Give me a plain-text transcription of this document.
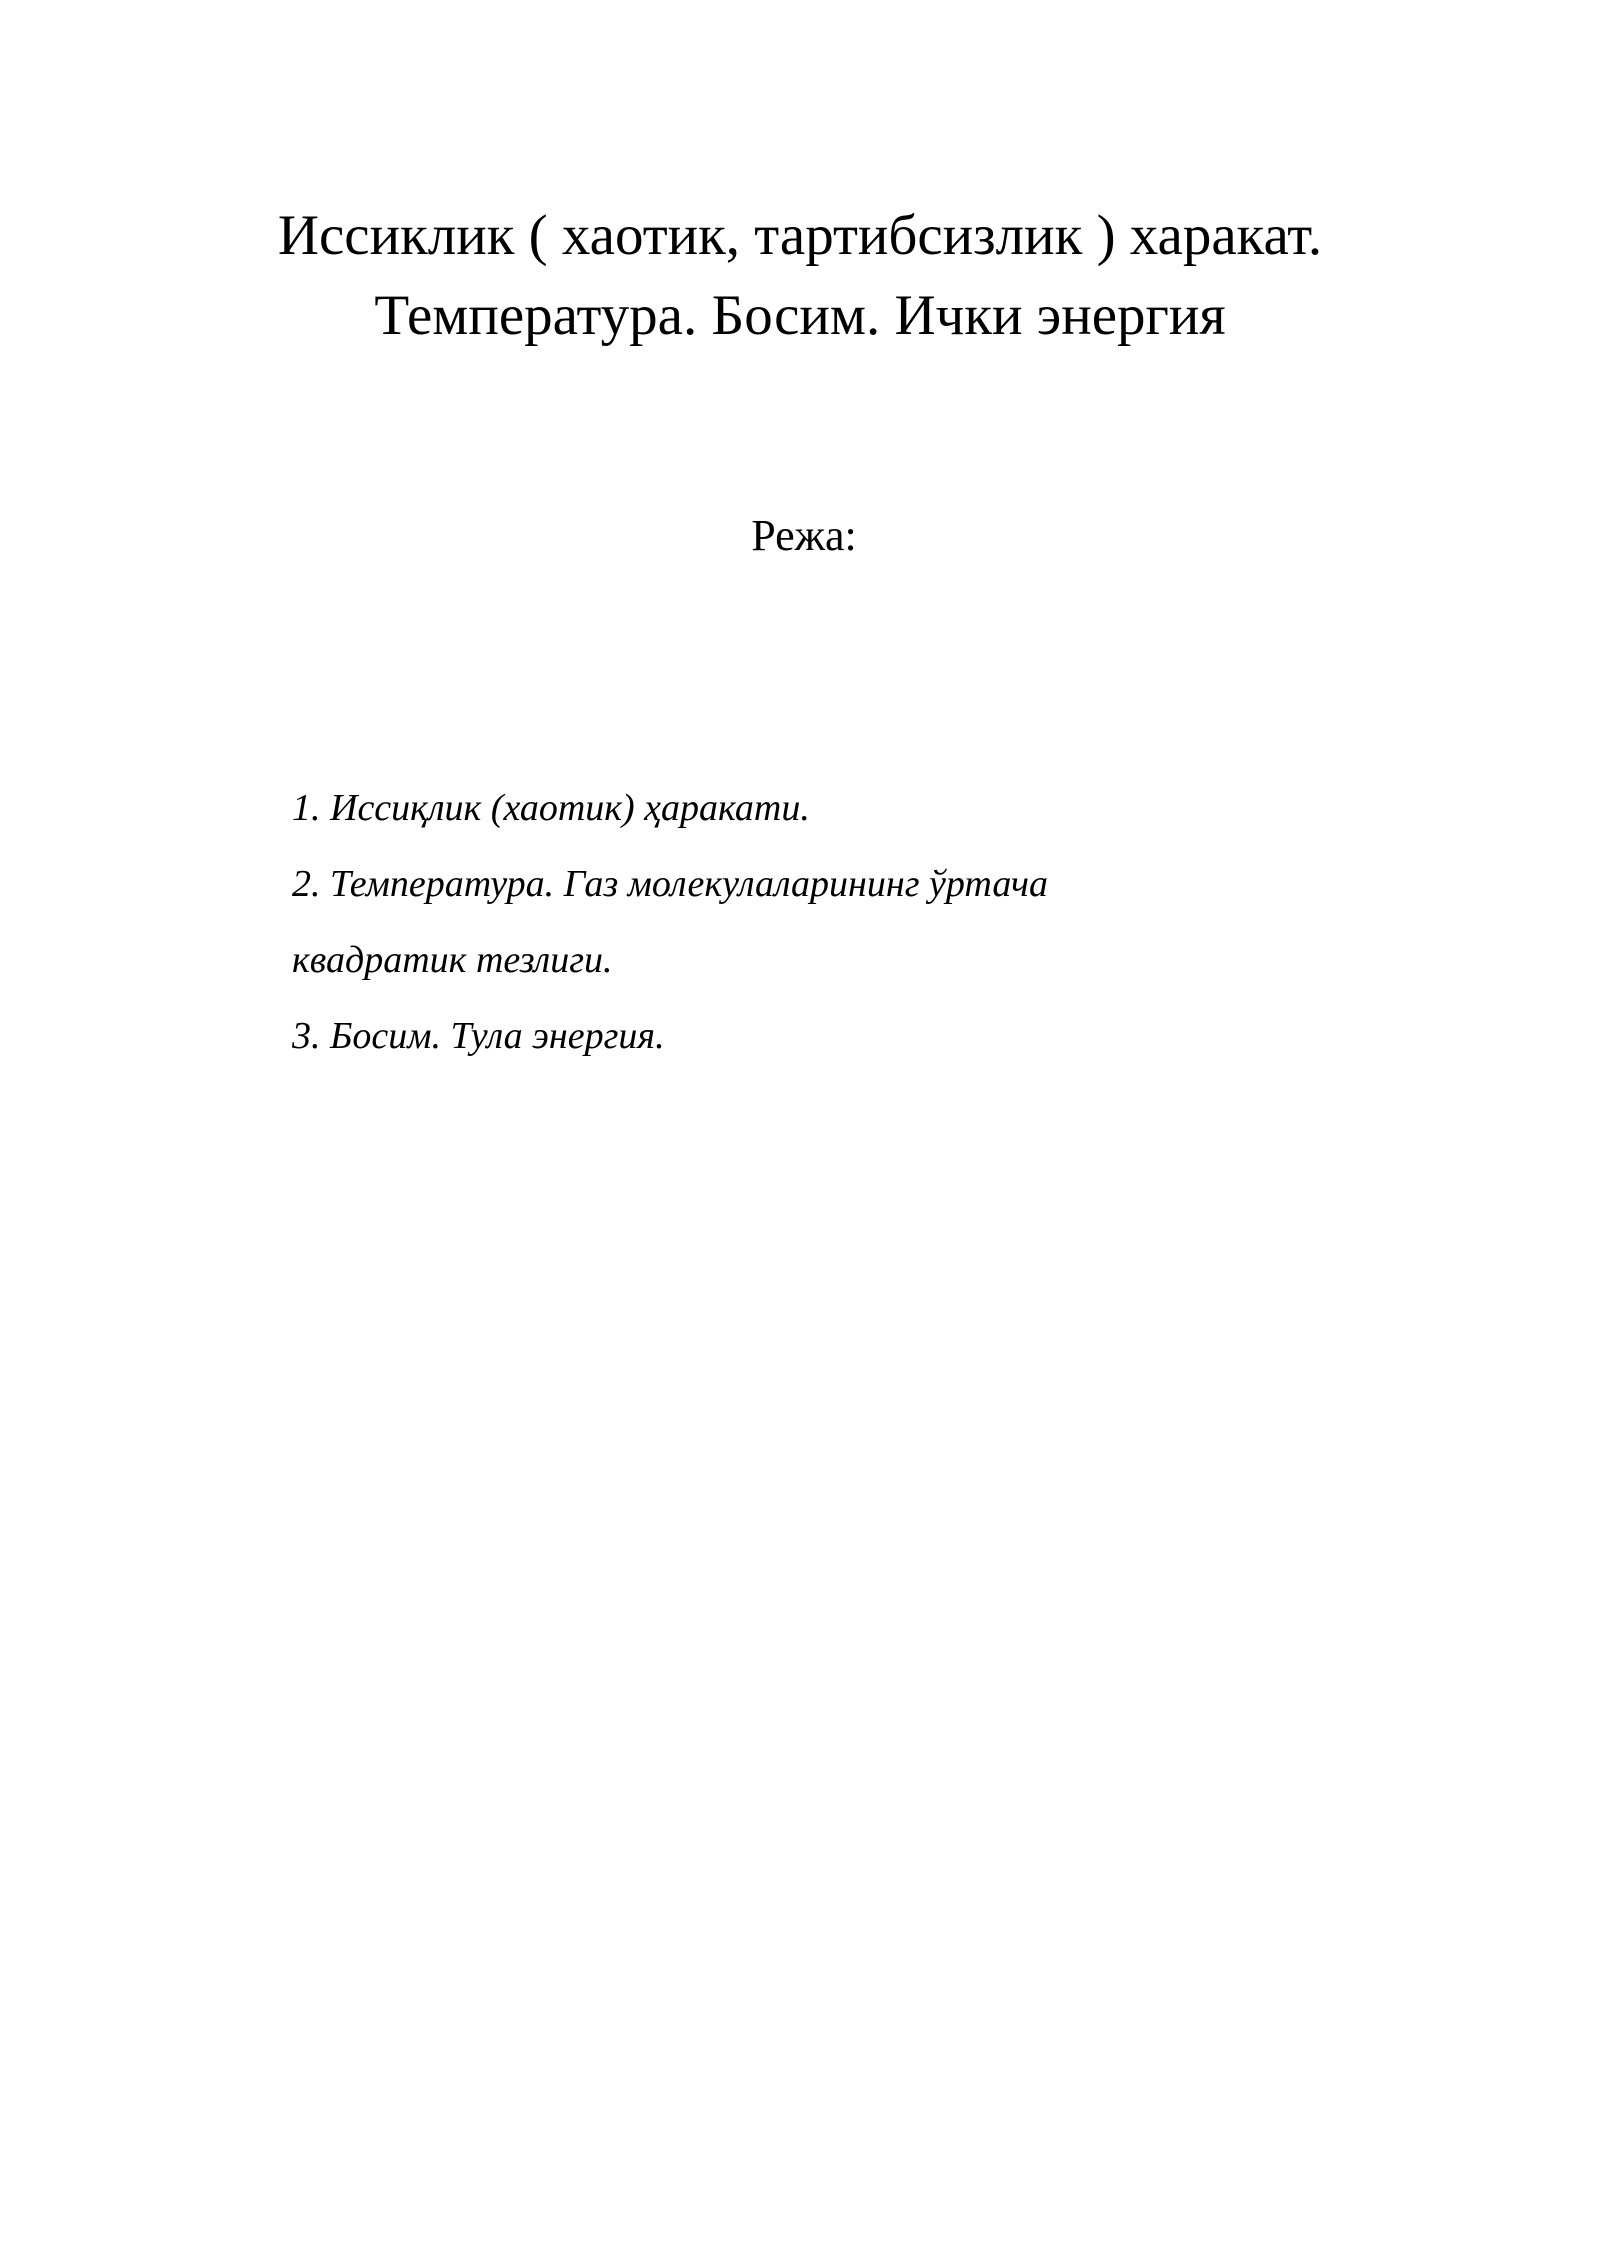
Иссиклик ( хаотик, тартибсизлик ) харакат.
Температура. Босим. Ички энергия
Режа:
1. Иссиқлик (хаотик) ҳаракати.
2. Температура. Газ молекулаларининг ўртача
квадратик тезлиги.
3. Босим. Тула энергия.
